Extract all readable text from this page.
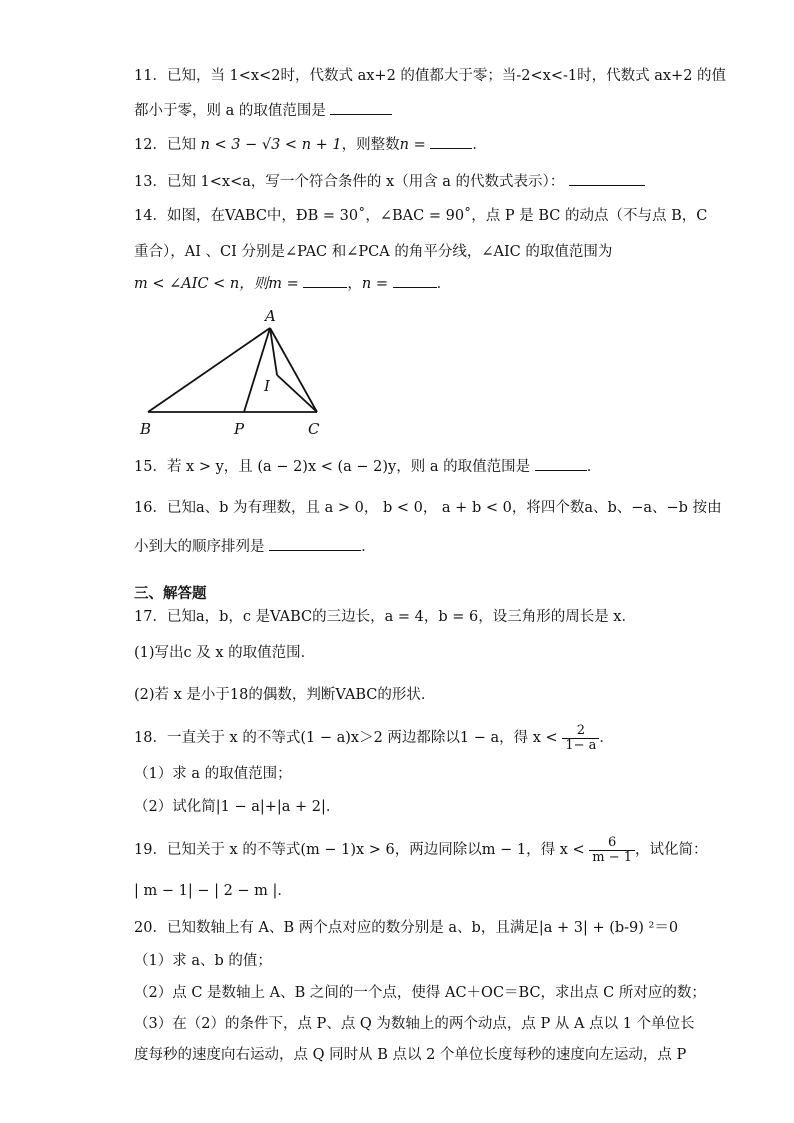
11．已知，当 1<x<2时，代数式 ax+2 的值都大于零；当-2<x<-1时，代数式 ax+2 的值
都小于零，则 a 的取值范围是
12．已知 n < 3 − √3 < n + 1，则整数n =	．
13．已知 1<x<a，写一个符合条件的 x（用含 a 的代数式表示）：
14．如图，在VABC中，ÐB = 30˚，∠BAC = 90˚，点 P 是 BC 的动点（不与点 B，C
重合），AI 、CI 分别是∠PAC 和∠PCA 的角平分线，∠AIC 的取值范围为
m < ∠AIC < n，则m =	，n =	．
A
B	P	C
I
15．若 x > y，且 (a − 2)x < (a − 2)y，则 a 的取值范围是	．
16．已知a、b 为有理数，且 a > 0， b < 0， a + b < 0，将四个数a、b、−a、−b 按由
小到大的顺序排列是	．
三、解答题
17．已知a，b，c 是VABC的三边长，a = 4，b = 6，设三角形的周长是 x．
(1)写出c 及 x 的取值范围．
(2)若 x 是小于18的偶数，判断VABC的形状．
18．一直关于 x 的不等式(1 − a)x＞2 两边都除以1 − a，得 $x < \frac{2}{1- a}$ ．
（1）求 a 的取值范围；
（2）试化简|1 − a|+|a + 2|．
19．已知关于 x 的不等式(m − 1)x > 6，两边同除以m − 1，得 $x < \frac{6}{m - 1}$ ，试化简：
| m − 1| − | 2 − m |．
20．已知数轴上有 A、B 两个点对应的数分别是 a、b，且满足|a + 3| + (b-9) ²＝0
（1）求 a、b 的值；
（2）点 C 是数轴上 A、B 之间的一个点，使得 AC＋OC＝BC，求出点 C 所对应的数；
（3）在（2）的条件下，点 P、点 Q 为数轴上的两个动点，点 P 从 A 点以 1 个单位长
度每秒的速度向右运动，点 Q 同时从 B 点以 2 个单位长度每秒的速度向左运动，点 P
